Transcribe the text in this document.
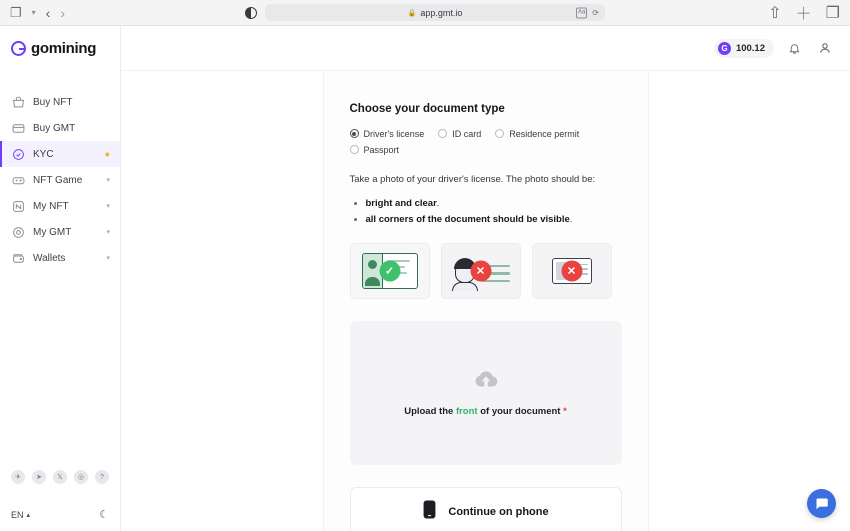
❐ ▾ ‹ ›	🔒 app.gmt.io	Aa ⟳	⇧ ＋ ❐
gomining
Buy NFT
Buy GMT
KYC	●
NFT Game	▾
My NFT	▾
My GMT	▾
Wallets	▾
✈	➤	𝕏	◎	?
EN ▴	☾
G 100.12
Choose your document type
Driver's license	ID card	Residence permit
Passport

Take a photo of your driver's license. The photo should be:

• bright and clear.
• all corners of the document should be visible.
✓	✕	✕
Upload the front of your document *
Continue on phone
